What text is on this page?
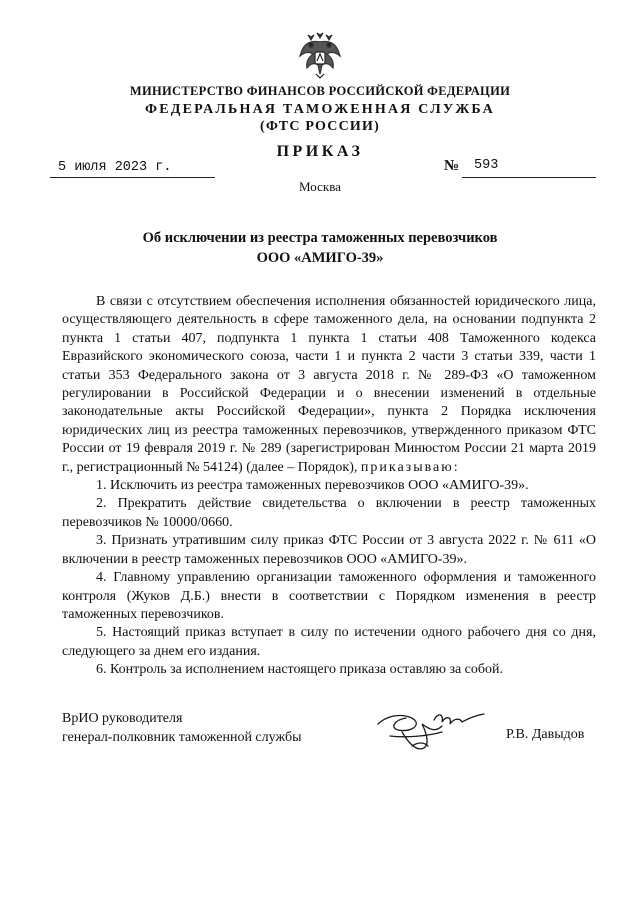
МИНИСТЕРСТВО ФИНАНСОВ РОССИЙСКОЙ ФЕДЕРАЦИИ
ФЕДЕРАЛЬНАЯ ТАМОЖЕННАЯ СЛУЖБА
(ФТС РОССИИ)
ПРИКАЗ
5 июля 2023 г.	№ 593
Москва
Об исключении из реестра таможенных перевозчиков
ООО «АМИГО-39»

В связи с отсутствием обеспечения исполнения обязанностей юридического лица, осуществляющего деятельность в сфере таможенного дела, на основании подпункта 2 пункта 1 статьи 407, подпункта 1 пункта 1 статьи 408 Таможенного кодекса Евразийского экономического союза, части 1 и пункта 2 части 3 статьи 339, части 1 статьи 353 Федерального закона от 3 августа 2018 г. № 289-ФЗ «О таможенном регулировании в Российской Федерации и о внесении изменений в отдельные законодательные акты Российской Федерации», пункта 2 Порядка исключения юридических лиц из реестра таможенных перевозчиков, утвержденного приказом ФТС России от 19 февраля 2019 г. № 289 (зарегистрирован Минюстом России 21 марта 2019 г., регистрационный № 54124) (далее – Порядок), приказываю:

1. Исключить из реестра таможенных перевозчиков ООО «АМИГО-39».

2. Прекратить действие свидетельства о включении в реестр таможенных перевозчиков № 10000/0660.

3. Признать утратившим силу приказ ФТС России от 3 августа 2022 г. № 611 «О включении в реестр таможенных перевозчиков ООО «АМИГО-39».

4. Главному управлению организации таможенного оформления и таможенного контроля (Жуков Д.Б.) внести в соответствии с Порядком изменения в реестр таможенных перевозчиков.

5. Настоящий приказ вступает в силу по истечении одного рабочего дня со дня, следующего за днем его издания.

6. Контроль за исполнением настоящего приказа оставляю за собой.

ВрИО руководителя
генерал-полковник таможенной службы	Р.В. Давыдов
